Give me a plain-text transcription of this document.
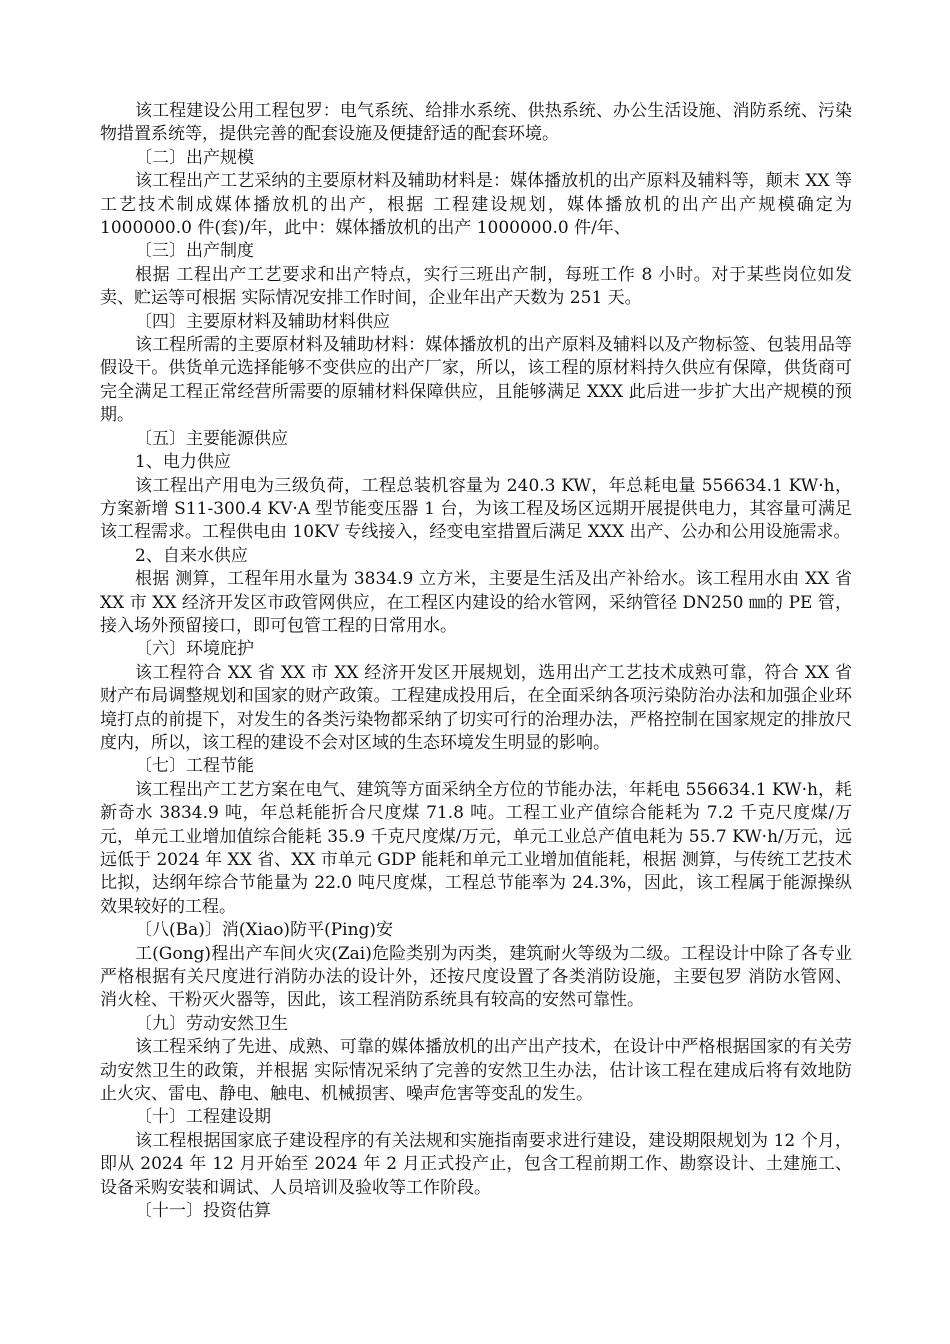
该工程建设公用工程包罗：电气系统、给排水系统、供热系统、办公生活设施、消防系统、污染物措置系统等，提供完善的配套设施及便捷舒适的配套环境。

〔二〕出产规模

该工程出产工艺采纳的主要原材料及辅助材料是：媒体播放机的出产原料及辅料等，颠末 XX 等工艺技术制成媒体播放机的出产，根据 工程建设规划，媒体播放机的出产出产规模确定为 1000000.0 件(套)/年，此中：媒体播放机的出产 1000000.0 件/年、

〔三〕出产制度

根据 工程出产工艺要求和出产特点，实行三班出产制，每班工作 8 小时。对于某些岗位如发卖、贮运等可根据 实际情况安排工作时间，企业年出产天数为 251 天。

〔四〕主要原材料及辅助材料供应

该工程所需的主要原材料及辅助材料：媒体播放机的出产原料及辅料以及产物标签、包装用品等假设干。供货单元选择能够不变供应的出产厂家，所以，该工程的原材料持久供应有保障，供货商可完全满足工程正常经营所需要的原辅材料保障供应，且能够满足 XXX 此后进一步扩大出产规模的预期。

〔五〕主要能源供应

1、电力供应

该工程出产用电为三级负荷，工程总装机容量为 240.3 KW，年总耗电量 556634.1 KW·h，方案新增 S11-300.4 KV·A 型节能变压器 1 台，为该工程及场区远期开展提供电力，其容量可满足该工程需求。工程供电由 10KV 专线接入，经变电室措置后满足 XXX 出产、公办和公用设施需求。

2、自来水供应

根据 测算，工程年用水量为 3834.9 立方米，主要是生活及出产补给水。该工程用水由 XX 省 XX 市 XX 经济开发区市政管网供应，在工程区内建设的给水管网，采纳管径 DN250 ㎜的 PE 管，接入场外预留接口，即可包管工程的日常用水。

〔六〕环境庇护

该工程符合 XX 省 XX 市 XX 经济开发区开展规划，选用出产工艺技术成熟可靠，符合 XX 省财产布局调整规划和国家的财产政策。工程建成投用后，在全面采纳各项污染防治办法和加强企业环境打点的前提下，对发生的各类污染物都采纳了切实可行的治理办法，严格控制在国家规定的排放尺度内，所以，该工程的建设不会对区域的生态环境发生明显的影响。

〔七〕工程节能

该工程出产工艺方案在电气、建筑等方面采纳全方位的节能办法，年耗电 556634.1 KW·h，耗新奇水 3834.9 吨，年总耗能折合尺度煤 71.8 吨。工程工业产值综合能耗为 7.2 千克尺度煤/万元，单元工业增加值综合能耗 35.9 千克尺度煤/万元，单元工业总产值电耗为 55.7 KW·h/万元，远远低于 2024 年 XX 省、XX 市单元 GDP 能耗和单元工业增加值能耗，根据 测算，与传统工艺技术比拟，达纲年综合节能量为 22.0 吨尺度煤，工程总节能率为 24.3%，因此，该工程属于能源操纵效果较好的工程。

〔八(Ba)〕消(Xiao)防平(Ping)安

工(Gong)程出产车间火灾(Zai)危险类别为丙类，建筑耐火等级为二级。工程设计中除了各专业严格根据有关尺度进行消防办法的设计外，还按尺度设置了各类消防设施，主要包罗 消防水管网、消火栓、干粉灭火器等，因此，该工程消防系统具有较高的安然可靠性。

〔九〕劳动安然卫生

该工程采纳了先进、成熟、可靠的媒体播放机的出产出产技术，在设计中严格根据国家的有关劳动安然卫生的政策，并根据 实际情况采纳了完善的安然卫生办法，估计该工程在建成后将有效地防止火灾、雷电、静电、触电、机械损害、噪声危害等变乱的发生。

〔十〕工程建设期

该工程根据国家底子建设程序的有关法规和实施指南要求进行建设，建设期限规划为 12 个月，即从 2024 年 12 月开始至 2024 年 2 月正式投产止，包含工程前期工作、勘察设计、土建施工、设备采购安装和调试、人员培训及验收等工作阶段。

〔十一〕投资估算
